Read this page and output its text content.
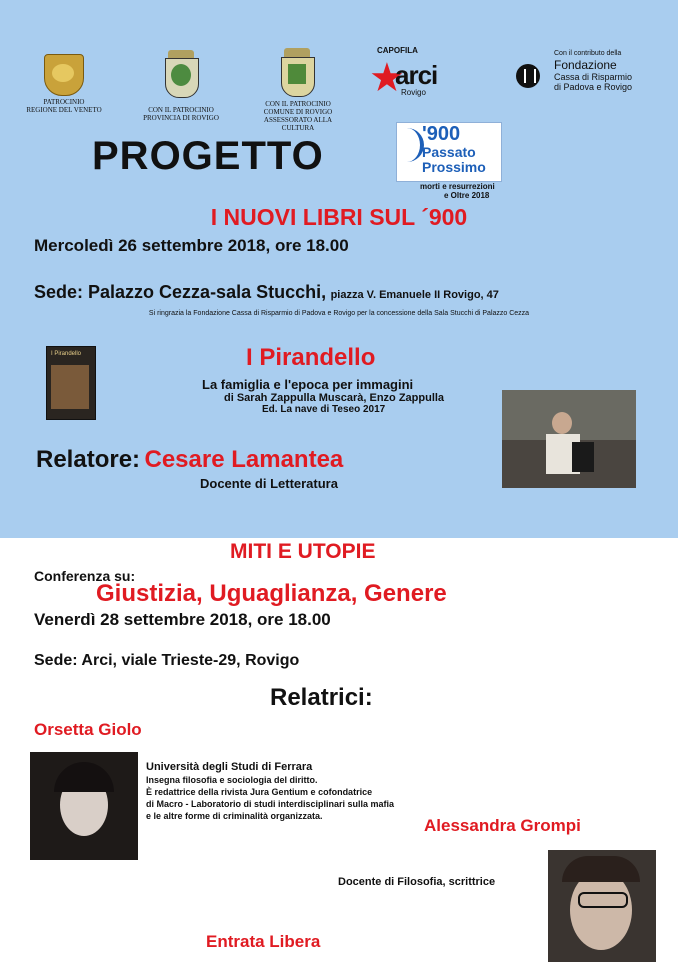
PATROCINIO
REGIONE DEL VENETO	CON IL PATROCINIO
PROVINCIA DI ROVIGO
CON IL PATROCINIO
COMUNE DI ROVIGO
ASSESSORATO ALLA CULTURA
CAPOFILA
★
arci
Rovigo
Con il contributo della
Fondazione
Cassa di Risparmio
di Padova e Rovigo
PROGETTO	'900
Passato
Prossimo
morti e resurrezioni
e Oltre 2018
I NUOVI LIBRI SUL ´900
Mercoledì 26 settembre 2018, ore 18.00
Sede: Palazzo Cezza-sala Stucchi, piazza V. Emanuele II Rovigo, 47
Si ringrazia la Fondazione Cassa di Risparmio di Padova e Rovigo per la concessione della Sala Stucchi di Palazzo Cezza
I Pirandello	I Pirandello
La famiglia e l'epoca per immagini
di Sarah Zappulla Muscarà, Enzo Zappulla
Ed. La nave di Teseo 2017
Relatore: Cesare Lamantea
Docente di Letteratura
MITI E UTOPIE
Conferenza su:
Giustizia, Uguaglianza, Genere
Venerdì 28 settembre 2018, ore 18.00
Sede: Arci, viale Trieste-29, Rovigo
Relatrici:
Orsetta Giolo
Università degli Studi di Ferrara
Insegna filosofia e sociologia del diritto.
È redattrice della rivista Jura Gentium e cofondatrice
di Macro - Laboratorio di studi interdisciplinari sulla mafia
e le altre forme di criminalità organizzata.	Alessandra Grompi
Docente di Filosofia, scrittrice
Entrata Libera
